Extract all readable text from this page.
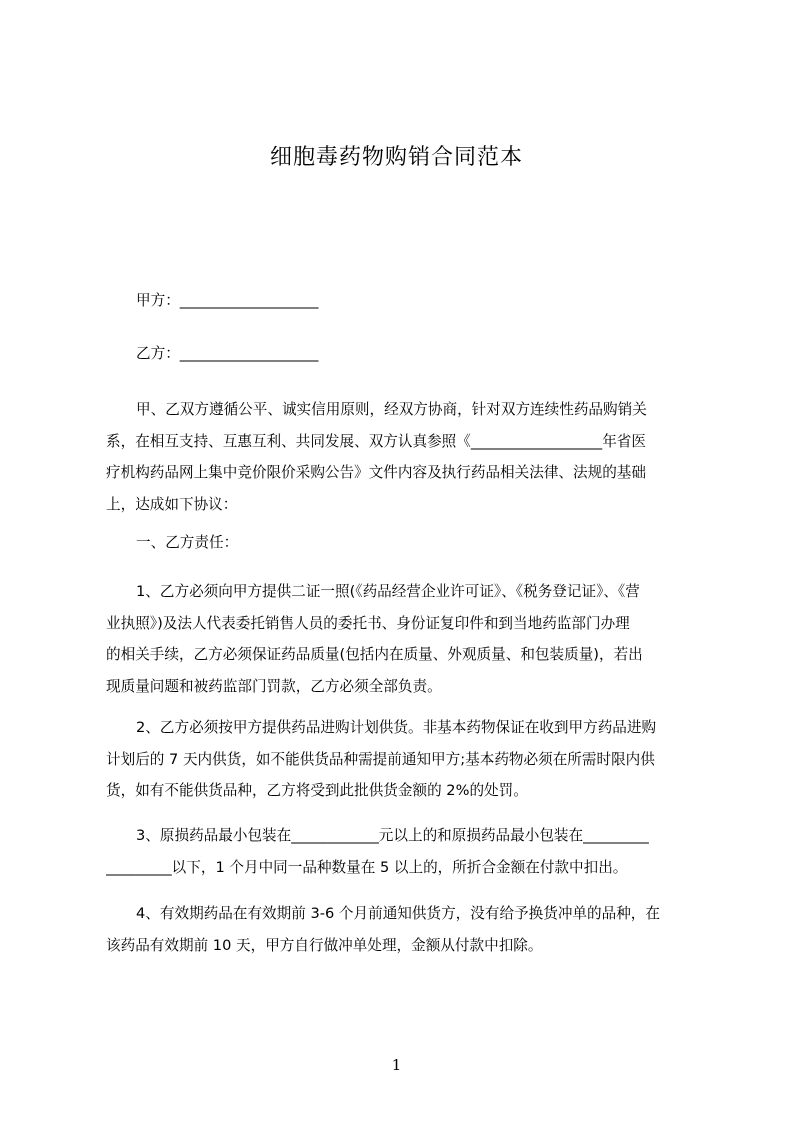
细胞毒药物购销合同范本
甲方：___________________
乙方：___________________
甲、乙双方遵循公平、诚实信用原则，经双方协商，针对双方连续性药品购销关
系，在相互支持、互惠互利、共同发展、双方认真参照《__________________年省医
疗机构药品网上集中竞价限价采购公告》文件内容及执行药品相关法律、法规的基础
上，达成如下协议：
一、乙方责任：
1、乙方必须向甲方提供二证一照(《药品经营企业许可证》、《税务登记证》、《营
业执照》)及法人代表委托销售人员的委托书、身份证复印件和到当地药监部门办理
的相关手续，乙方必须保证药品质量(包括内在质量、外观质量、和包装质量)，若出
现质量问题和被药监部门罚款，乙方必须全部负责。
2、乙方必须按甲方提供药品进购计划供货。非基本药物保证在收到甲方药品进购
计划后的 7 天内供货，如不能供货品种需提前通知甲方;基本药物必须在所需时限内供
货，如有不能供货品种，乙方将受到此批供货金额的 2%的处罚。
3、原损药品最小包装在____________元以上的和原损药品最小包装在_________
_________以下，1 个月中同一品种数量在 5 以上的，所折合金额在付款中扣出。
4、有效期药品在有效期前 3-6 个月前通知供货方，没有给予换货冲单的品种，在
该药品有效期前 10 天，甲方自行做冲单处理，金额从付款中扣除。
1
